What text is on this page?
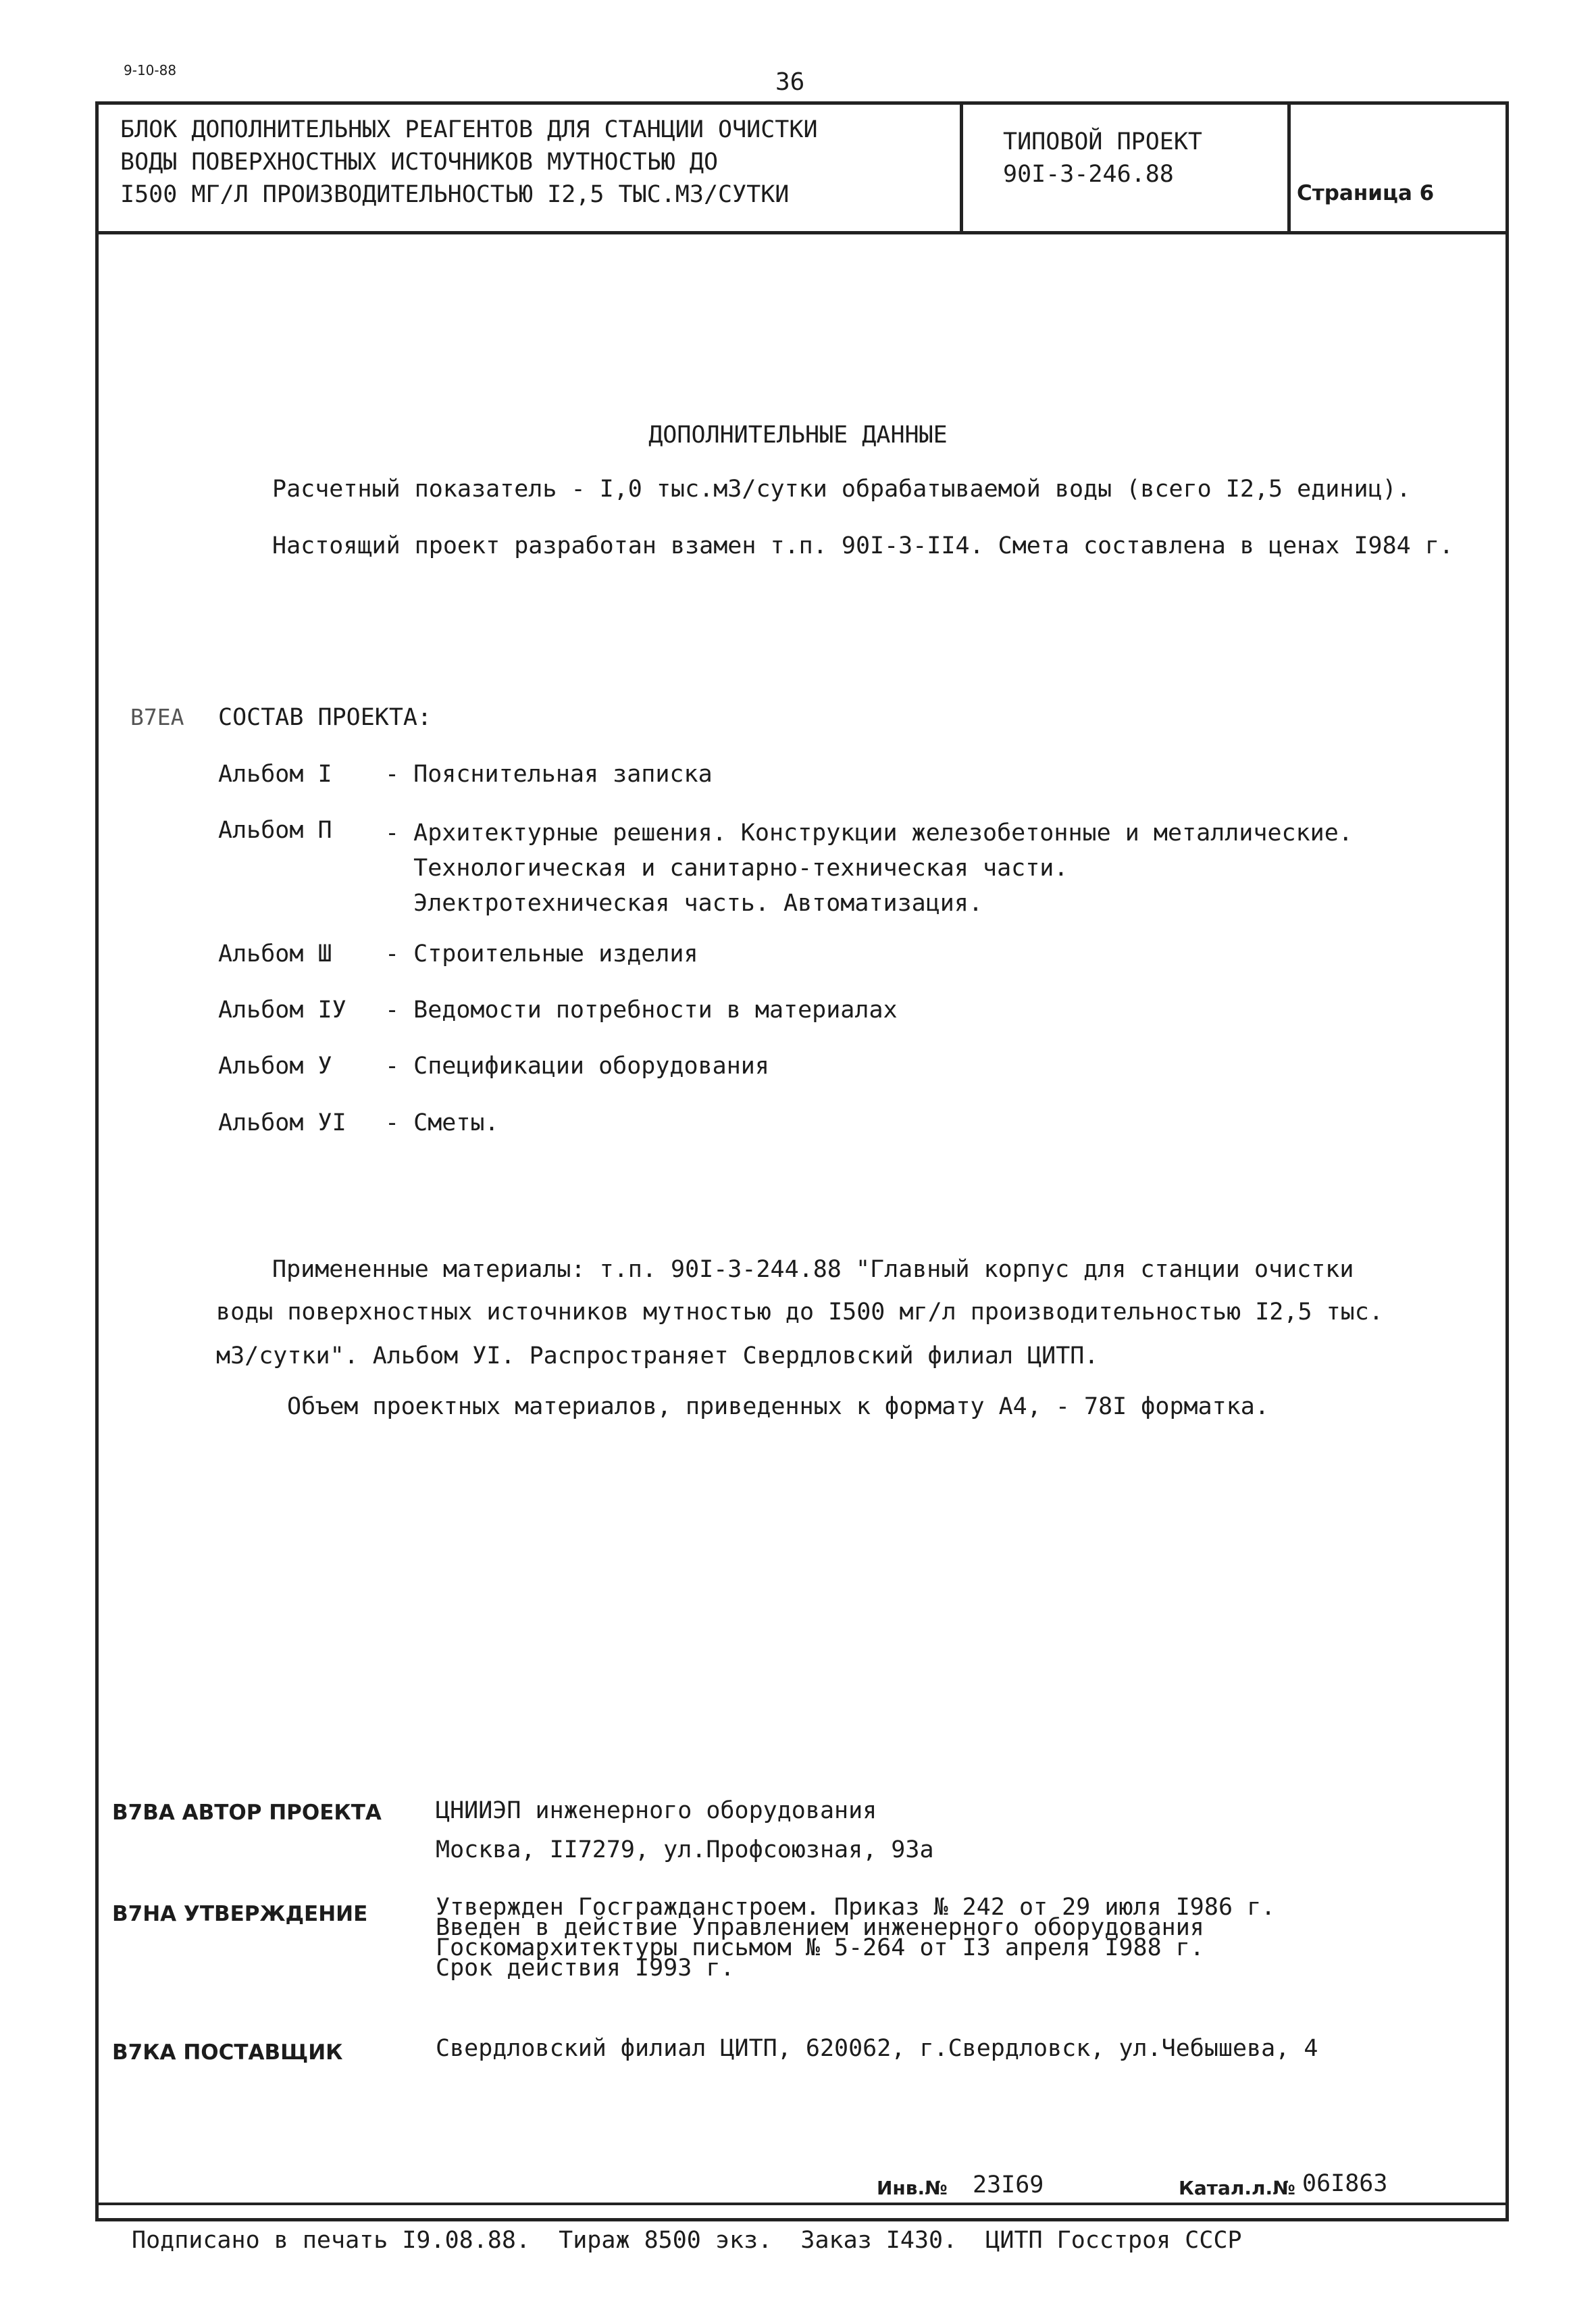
9-10-88	36
БЛОК ДОПОЛНИТЕЛЬНЫХ РЕАГЕНТОВ ДЛЯ СТАНЦИИ ОЧИСТКИ
ВОДЫ ПОВЕРХНОСТНЫХ ИСТОЧНИКОВ МУТНОСТЬЮ ДО
I500 МГ/Л ПРОИЗВОДИТЕЛЬНОСТЬЮ I2,5 ТЫС.М3/СУТКИ
ТИПОВОЙ ПРОЕКТ
90I-3-246.88
Страница 6
ДОПОЛНИТЕЛЬНЫЕ ДАННЫЕ
Расчетный показатель - I,0 тыс.м3/сутки обрабатываемой воды (всего I2,5 единиц).
Настоящий проект разработан взамен т.п. 90I-3-II4. Смета составлена в ценах I984 г.
В7ЕА СОСТАВ ПРОЕКТА:
Альбом I - Пояснительная записка
Альбом П - Архитектурные решения. Конструкции железобетонные и металлические.
Технологическая и санитарно-техническая части.
Электротехническая часть. Автоматизация.
Альбом Ш - Строительные изделия
Альбом IУ - Ведомости потребности в материалах
Альбом У - Спецификации оборудования
Альбом УI - Сметы.
Примененные материалы: т.п. 90I-3-244.88 "Главный корпус для станции очистки
воды поверхностных источников мутностью до I500 мг/л производительностью I2,5 тыс.
м3/сутки". Альбом УI. Распространяет Свердловский филиал ЦИТП.
Объем проектных материалов, приведенных к формату А4, - 78I форматка.
В7ВА АВТОР ПРОЕКТА ЦНИИЭП инженерного оборудования
Москва, II7279, ул.Профсоюзная, 93а
В7НА УТВЕРЖДЕНИЕ	Утвержден Госгражданстроем. Приказ № 242 от 29 июля I986 г.
Введен в действие Управлением инженерного оборудования
Госкомархитектуры письмом № 5-264 от I3 апреля I988 г.
Срок действия I993 г.
В7КА ПОСТАВЩИК	Свердловский филиал ЦИТП, 620062, г.Свердловск, ул.Чебышева, 4
Инв.№ 23I69	Катал.л.№ 06I863
Подписано в печать I9.08.88.  Тираж 8500 экз.  Заказ I430.  ЦИТП Госстроя СССР
